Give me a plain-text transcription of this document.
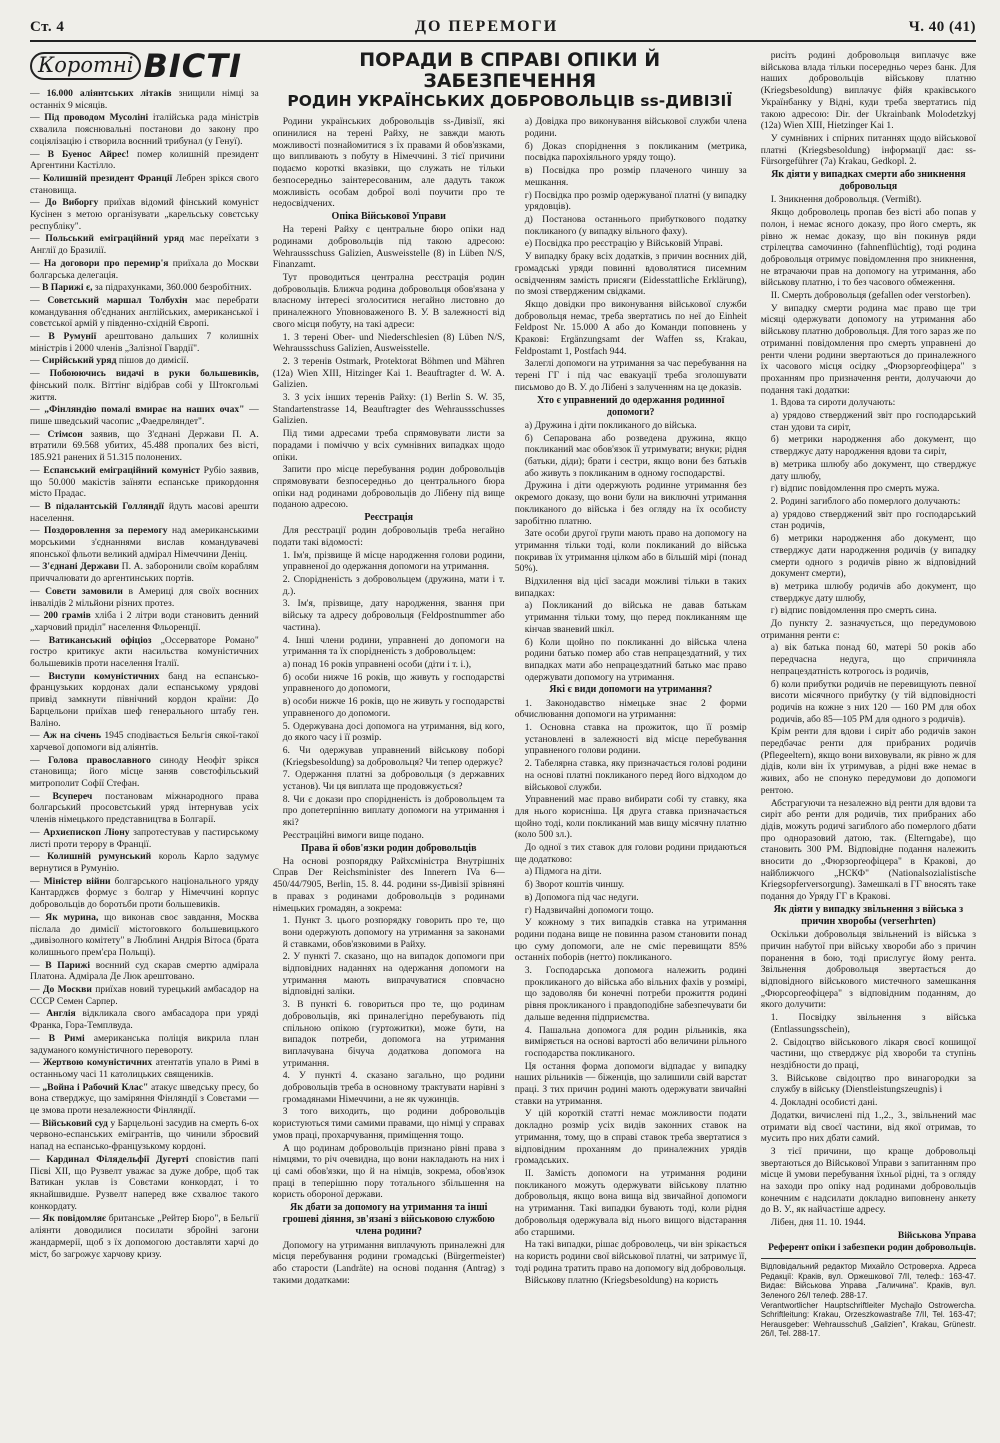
Ст. 4	ДО ПЕРЕМОГИ	Ч. 40 (41)
Коротні ВІСТІ

— 16.000 аліянтських літаків знищили німці за останніх 9 місяців.

— Під проводом Мусоліні італійська рада міністрів схвалила пояснювальні постанови до закону про соціялізацію і створила воєнний трибунал (у Генуї).

— В Буенос Айрес! помер колишній президент Аргентини Кастілло.

— Колишній президент Франції Лебрен зрікся свого становища.

— До Виборгу приїхав відомий фінський комуніст Кусінен з метою організувати „карельську совєтську республіку".

— Польський еміграційний уряд має переїхати з Англії до Бразилії.

— На договори про перемир'я приїхала до Москви болгарська делегація.

— В Парижі є, за підрахунками, 360.000 безробітних.

— Совєтський маршал Толбухін має перебрати командування об'єднаних англійських, американської і совєтської армій у південно-східній Європі.

— В Румунії арештовано дальших 7 колишніх міністрів і 2000 членів „Залізної Гвардії".

— Сирійський уряд пішов до димісії.

— Побоюючись видачі в руки большевиків, фінський полк. Віттінг відібрав собі у Штокгольмі життя.

— „Фінляндію помалі вмирає на наших очах" — пише шведський часопис „Фаедреляндет".

— Стімсон заявив, що З'єднані Держави П. А. втратили 69.568 убитих, 45.488 пропалих без вісті, 185.921 ранених й 51.315 полонених.

— Еспанський еміграційний комуніст Рубіо заявив, що 50.000 макістів заїняти еспанське прикордоння місто Прадас.

— В підалантській Голляндії йдуть масові арешти населення.

— Поздоровлення за перемогу над американськими морськими з'єднаннями вислав командувачеві японської фльоти великий адмірал Німеччини Деніц.

— З'єднані Держави П. А. заборонили своїм кораблям приччалювати до аргентинських портів.

— Совєти замовили в Америці для своїх воєнних інвалідів 2 мільйони різних протез.

— 200 грамів хліба і 2 літри води становить денний „харчовий приділ" населення Фльоренції.

— Ватиканський офіціоз „Оссерваторе Романо" гостро критикує акти насильства комуністичних большевиків проти населення Італії.

— Виступи комуністичних банд на еспансько-французьких кордонах дали еспанському урядові привід замкнути північний кордон країни: До Барцельони приїхав шеф генерального штабу ген. Валіно.

— Аж на січень 1945 сподівається Бельгія сякої-такої харчевої допомоги від аліянтів.

— Голова православного синоду Неофіт зрікся становища; його місце заняв совєтофільський митрополит Софії Стефан.

— Всупереч постановам міжнародного права болгарський просовєтський уряд інтернував усіх членів німецького представництва в Болгарії.

— Архиєпископ Ліону запротестував у пастирському листі проти терору в Франції.

— Колишній румунський король Карло задумує вернутися в Румунію.

— Міністер війни болгарського національного уряду Кантарджєв формує з болгар у Німеччині корпус добровольців до боротьби проти большевиків.

— Як мурина, що виконав своє завдання, Москва післала до димісії містоговкого большевицького „дивізолного комітету" в Люблині Андрія Вітоса (брата колишнього прем'єра Польщі).

— В Парижі воєнний суд скарав смертю адмірала Платона. Адмірала Де Люк арештовано.

— До Москви приїхав новий турецький амбасадор на СССР Семен Сарпер.

— Англія відкликала свого амбасадора при уряді Франка, Гора-Темплвуда.

— В Римі американська поліція викрила план задуманого комуністичного перевороту.

— Жертвою комуністичних атентатів упало в Римі в останньому часі 11 католицьких священиків.

— „Война і Рабочий Клас" атакує шведську пресу, бо вона стверджує, що заміряння Фінляндії з Совєтами — це змова проти незалежности Фінляндії.

— Військовий суд у Барцельоні засудив на смерть 6-ох червоно-еспанських емігрантів, що чинили зброєвий напад на еспансько-французькому кордоні.

— Кардинал Філядельфії Дугерті сповістив папі Пієві XII, що Рузвелт уважає за дуже добре, щоб так Ватикан уклав із Совєтами конкордат, і то якнайшвидше. Рузвелт наперед вже схвалює такого конкордату.

— Як повідомляє британське „Рейтер Бюро", в Бельгії аліянти доводилися посилати збройні загони жандармерії, щоб з їх допомогою доставляти харчі до міст, бо загрожує харчову кризу.

ПОРАДИ В СПРАВІ ОПІКИ Й ЗАБЕЗПЕЧЕННЯ
РОДИН УКРАЇНСЬКИХ ДОБРОВОЛЬЦІВ ss-ДИВІЗІЇ

Родини українських добровольців ss-Дивізії, які опинилися на терені Райху, не завжди мають можливості познайомитися з їх правами й обов'язками, що випливають з побуту в Німеччині. З тієї причини подаємо короткі вказівки, що служать не тільки безпосередньо заінтересованим, але дадуть також можливість особам доброї волі поучити про те недосвідчених.

Опіка Військової Управи

На терені Райху є центральне бюро опіки над родинами добровольців під такою адресою: Wehraussschuss Galizien, Ausweisstelle (8) in Lüben N/S, Finanzamt.

Тут проводиться централна реєстрація родин добровольців. Ближча родина добровольця обов'язана у власному інтересі зголоситися негайно листовно до приналежного Уповноваженого В. У. В залежності від свого місця побуту, на такі адреси:

1. З терені Ober- und Niederschlesien (8) Lüben N/S, Wehraussschuss Galizien, Ausweisstelle.

2. З теренів Ostmark, Protektorat Böhmen und Mähren (12a) Wien XIII, Hitzinger Kai 1. Beauftragter d. W. A. Galizien.

3. З усіх інших теренів Райху: (1) Berlin S. W. 35, Standartenstrasse 14, Beauftragter des Wehraussschusses Galizien.

Під тими адресами треба спрямовувати листи за порадами і поміччю у всіх сумнівних випадках щодо опіки.

Запити про місце перебування родин добровольців спрямовувати безпосередньо до центрального бюра опіки над родинами добровольців до Лібену під вище поданою адресою.

Реєстрація

Для реєстрації родин добровольців треба негайно подати такі відомості:

1. Ім'я, прізвище й місце народження голови родини, управненої до одержання допомоги на утримання.

2. Спорідненість з добровольцем (дружина, мати і т. д.).

3. Ім'я, прізвище, дату народження, звання при війську та адресу добровольця (Feldpostnummer або частина).

4. Інші члени родини, управнені до допомоги на утримання та їх спорідненість з добровольцем:

а) понад 16 років управнені особи (діти і т. і.),

б) особи нижче 16 років, що живуть у господарстві управненого до допомоги,

в) особи нижче 16 років, що не живуть у господарстві управненого до допомоги.

5. Одержувана досі допомога на утримання, від кого, до якого часу і її розмір.

6. Чи одержував управнений військову поборі (Kriegsbesoldung) за добровольця? Чи тепер одержує?

7. Одержання платні за добровольця (з державних установ). Чи ця виплата ще продовжується?

8. Чи є докази про спорідненість із добровольцем та про допетерпінню виплату допомоги на утримання і які?

Реєстраційні вимоги вище подано.

Права й обов'язки родин добровольців

На основі розпорядку Райхсміністра Внутрішніх Справ Der Reichsminister des Innerern IVa 6—450/44/7905, Berlin, 15. 8. 44. родини ss-Дивізії зрівняні в правах з родинами добровольців з родинами німецьких громадян, а зокрема:

1. Пункт 3. цього розпорядку говорить про те, що вони одержують допомогу на утримання за законами й ставками, обов'язковими в Райху.

2. У пункті 7. сказано, що на випадок допомоги при відповідних наданнях на одержання допомоги на утримання мають випрачуватися сповчасно відповідні заліки.

3. В пункті 6. говориться про те, що родинам добровольців, які приналегідно перебувають під спільною опікою (гуртожитки), може бути, на випадок потреби, допомога на утримання виплачувана бічуча додаткова допомога на утримання.

4. У пункті 4. сказано загально, що родини добровольців треба в основному трактувати нарівні з громадянами Німеччини, а не як чужинців.

З того виходить, що родини добровольців користуються тими самими правами, що німці у справах умов праці, прохарчування, приміщення тощо.

А що родинам добровольців признано рівні права з німцями, то річ очевидна, що вони накладають на них і ці самі обов'язки, що й на німців, зокрема, обов'язок праці в теперішню пору тотального збільшення на користь обороної держави.

Як дбати за допомогу на утримання та інші грошеві діяння, зв'язані з військовою службою члена родини?

Допомогу на утримання виплачують приналежні для місця перебування родини громадські (Bürgermeister) або старости (Landräte) на основі подання (Antrag) з такими додатками:

а) Довідка про виконування військової служби члена родини.

б) Доказ споріднення з покликаним (метрика, посвідка парохіяльного уряду тощо).

в) Посвідка про розмір плаченого чиншу за мешкання.

г) Посвідка про розмір одержуваної платні (у випадку урядовців).

д) Постанова останнього прибуткового податку покликаного (у випадку вільного фаху).

е) Посвідка про реєстрацію у Військовій Управі.

У випадку браку всіх додатків, з причин воєнних дій, громадські уряди повинні вдоволятися писемним освідченням замість присяги (Eidesstattliche Erklärung), по змозі ствердженим свідками.

Якщо довідки про виконування військової служби добровольця немає, треба звертатись по неї до Einheit Feldpost Nr. 15.000 A або до Команди поповнень у Кракові: Ergänzungsamt der Waffen ss, Krakau, Feldpostamt 1, Postfach 944.

Залеглі допомоги на утримання за час перебування на терені ГГ і під час евакуації треба зголошувати письмово до В. У. до Лібені з залученням на це доказів.

Хто є управнений до одержання родинної допомоги?

а) Дружина і діти покликаного до війська.

б) Сепарована або розведена дружина, якщо покликаний має обов'язок її утримувати; внуки; рідня (батьки, діди); брати і сестри, якщо вони без батьків або живуть з покликаним в одному господарстві.

Дружина і діти одержують родинне утримання без окремого доказу, що вони були на виключні утримання покликаного до війська і без огляду на їх особисту заробітню платню.

Зате особи другої групи мають право на допомогу на утримання тільки тоді, коли покликаний до війська покривав їх утримання цілком або в більшій мірі (понад 50%).

Відхилення від цієї засади можливі тільки в таких випадках:

а) Покликаний до війська не давав батькам утримання тільки тому, що перед покликанням ще кінчав званевий шкіл.

б) Коли щойно по покликанні до війська члена родини батько помер або став непрацездатний, у тих випадках мати або непрацездатний батько має право одержувати допомогу на утримання.

Які є види допомоги на утримання?

1. Законодавство німецьке знає 2 форми обчислювання допомоги на утримання:

1. Основна ставка на прожиток, що її розмір установлені в залежності від місце перебування управненого голови родини.

2. Табелярна ставка, яку призначається голові родини на основі платні покликаного перед його відходом до військової служби.

Управнений має право вибирати собі ту ставку, яка для нього корисніша. Ця друга ставка призначається щойно тоді, коли покликаний мав вищу місячну платню (коло 500 зл.).

До одної з тих ставок для голови родини придаються ще додатково:

а) Підмога на діти.

б) Зворот коштів чиншу.

в) Допомога під час недуги.

г) Надзвичайні допомоги тощо.

У кожному з тих випадків ставка на утримання родини подана вище не повинна разом становити понад цю суму допомоги, але не сміє перевищати 85% останніх поборів (нетто) покликаного.

3. Господарська допомога належить родині прокликаного до війська або вільних фахів у розмірі, що задоволяв би конечні потреби прожиття родині рівня прокликаного і правдоподібне забезпечувати би дальше ведення підприємства.

4. Пашальна допомога для родин рільників, яка виміряється на основі вартості або величини рільного господарства покликаного.

Ця остання форма допомоги відпадає у випадку наших рільників — біженців, що залишили свій варстат праці. З тих причин родині мають одержувати звичайні ставки на утримання.

У цій короткій статті немає можливости подати докладно розмір усіх видів законних ставок на утримання, тому, що в справі ставок треба звертатися з відповідним проханням до приналежних урядів громадських.

II. Замість допомоги на утримання родини покликаного можуть одержувати військову платню добровольця, якщо вона вища від звичайної допомоги на утримання. Такі випадки бувають тоді, коли рідня добровольця одержувала від нього вищого відстарання або старшими.

На такі випадки, рішає доброволець, чи він зрікається на користь родини свої військової платні, чи затримує її, тоді родина тратить право на допомогу від добровольця.

Військову платню (Kriegsbesoldung) на користь

рисіть родині добровольця виплачує вже військова влада тільки посередньо через банк. Для наших добровольців військову платню (Kriegsbesoldung) виплачує фійя краківського Українбанку у Відні, куди треба звертатись під такою адресою: Dir. der Ukrainbank Molodetzkyj (12a) Wien XIII, Hietzinger Kai 1.

У сумнівних і спірних питаннях щодо військової платні (Kriegsbesoldung) інформації дає: ss-Fürsorgeführer (7a) Krakau, Gedkopl. 2.

Як діяти у випадках смерти або зникнення добровольця

I. Зникнення добровольця. (Vermißt).

Якщо доброволець пропав без вісті або попав у полон, і немає ясного доказу, про його смерть, як рівно ж немає доказу, що він покинув ряди стрілецтва самочинно (fahnenflüchtig), тоді родина добровольця отримує повідомлення про зникнення, не втрачаючи прав на допомогу на утримання, або військову платню, і то без часового обмеження.

II. Смерть добровольця (gefallen oder verstorben).

У випадку смерти родина має право ще три місяці одержувати допомогу на утримання або військову платню добровольця. Для того зараз же по отриманні повідомлення про смерть управнені до ренти члени родини звертаються до приналежного їх часового місця осідку „Фюрзорґеофіцера" з проханням про призначення ренти, долучаючи до подання такі додатки:

1. Вдова та сироти долучають:

а) урядово стверджений звіт про господарський стан удови та сиріт,

б) метрики народження або документ, що стверджує дату народження вдови та сиріт,

в) метрика шлюбу або документ, що стверджує дату шлюбу,

г) відпис повідомлення про смерть мужа.

2. Родині загиблого або померлого долучають:

а) урядово стверджений звіт про господарський стан родичів,

б) метрики народження або документ, що стверджує дати народження родичів (у випадку смерти одного з родичів рівно ж відповідний документ смерти),

в) метрика шлюбу родичів або документ, що стверджує дату шлюбу,

г) відпис повідомлення про смерть сина.

До пункту 2. зазначується, що передумовою отримання ренти є:

а) вік батька понад 60, матері 50 років або передчасна недуга, що спричиняла непрацездатність котрогось із родичів,

б) коли прибутки родичів не перевищують певної висоти місячного прибутку (у тій відповідності родичів на кожне з них 120 — 160 РМ для обох родичів, або 85—105 РМ для одного з родичів).

Крім ренти для вдови і сиріт або родичів закон передбачає ренти для прибраних родичів (Pflegeeltern), якщо вони виховували, як рівно ж для дідів, коли він їх утримував, а рідні вже немає в живих, або не спонуко передумови до допомоги рентою.

Абстрагуючи та незалежно від ренти для вдови та сиріт або ренти для родичів, тих прибраних або дідів, можуть родичі загиблого або померлого дбати про одноразовий датою, так. (Elterngabe), що становить 300 РМ. Відповідне подання належить вносити до „Фюрзорґеофіцера" в Кракові, до найближчого „НСКФ" (Nationalsozialistische Kriegsopferversorgung). Замешкалі в ГГ вносять таке подання до Уряду ГГ в Кракові.

Як діяти у випадку звільнення з війська з причин хворобы (verserhrten)

Оскільки добровольця звільнений із війська з причин набутої при війську хвороби або з причин поранення в бою, тоді прислугує йому рента. Звільнення добровольця звертається до відповідного військового мистечного замешкання „Фюрсорґеофіцера" з відповідним поданням, до якого долучити:

1. Посвідку звільнення з війська (Entlassungsschein),

2. Свідоцтво військового лікаря своєї кошищої частини, що стверджує рід хвороби та ступінь нездібности до праці,

3. Військове свідоцтво про винагородки за службу в війську (Dienstleistungszeugnis) і

4. Докладні особисті дані.

Додатки, вичислені під 1.,2., 3., звільнений має отримати від своєї частини, від якої отримав, то мусить про них дбати самий.

З тієї причини, що краще добровольці звертаються до Військової Управи з запитанням про місце й умови перебування їхньої рідні, та з огляду на заходи про опіку над родинами добровольців конечним є надсилати докладно виповнену анкету до В. У., як найчастіше адресу.

Лібен, дня 11. 10. 1944.

Військова Управа
Референт опіки і забезпеки родин добровольців.
Відповідальний редактор Михайло Островерха. Адреса Редакції: Краків, вул. Оржешкової 7/II, телеф.: 163-47. Видає: Військова Управа „Галичина". Краків, вул. Зеленого 26/I телеф. 288-17.
Verantwortlicher Hauptschriftleiter Mychajlo Ostrowercha. Schriftleitung: Krakau, Orzeszkowastraße 7/II, Tel. 163-47; Herausgeber: Wehrausschuß „Galizien", Krakau, Grünestr. 26/I, Tel. 288-17.
